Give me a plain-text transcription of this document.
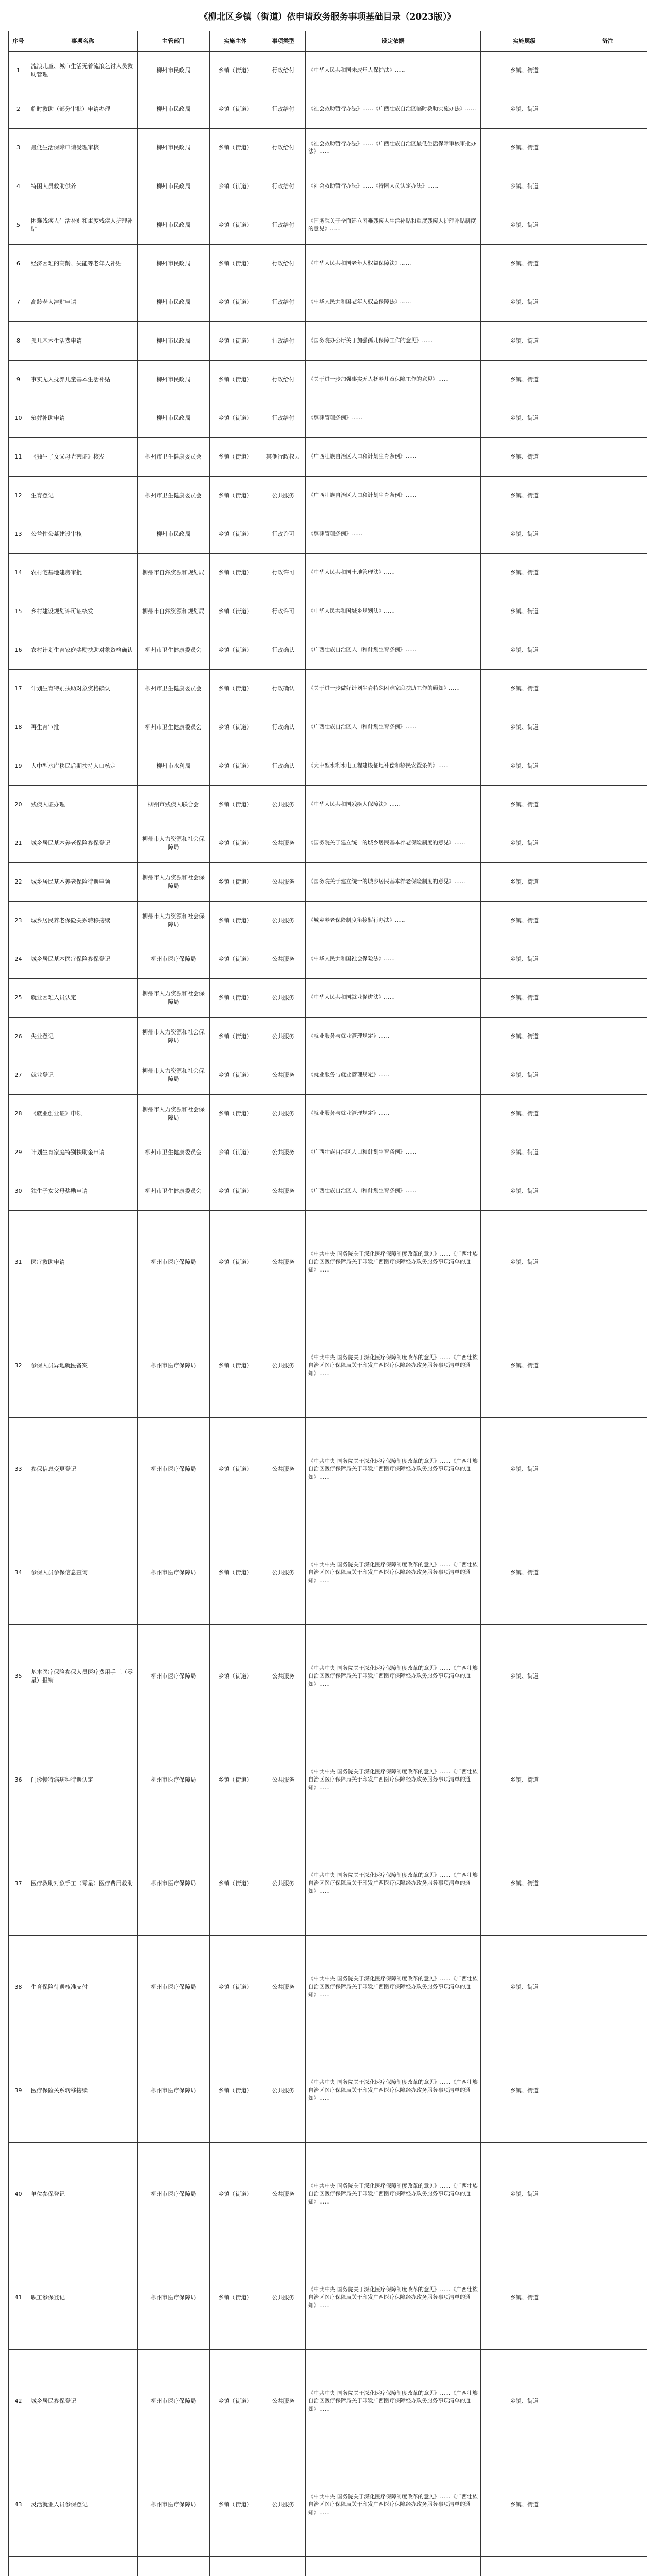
《柳北区乡镇（街道）依申请政务服务事项基础目录（2023版）》
序号	事项名称	主管部门	实施主体	事项类型	设定依据	实施层级	备注
1	流浪儿童、城市生活无着流浪乞讨人员救助管理	柳州市民政局	乡镇（街道）	行政给付	《中华人民共和国未成年人保护法》……	乡镇、街道	
2	临时救助（部分审批）申请办理	柳州市民政局	乡镇（街道）	行政给付	《社会救助暂行办法》……《广西壮族自治区临时救助实施办法》……	乡镇、街道	
3	最低生活保障申请受理审核	柳州市民政局	乡镇（街道）	行政给付	《社会救助暂行办法》……《广西壮族自治区最低生活保障审核审批办法》……	乡镇、街道	
4	特困人员救助供养	柳州市民政局	乡镇（街道）	行政给付	《社会救助暂行办法》……《特困人员认定办法》……	乡镇、街道	
5	困难残疾人生活补贴和重度残疾人护理补贴	柳州市民政局	乡镇（街道）	行政给付	《国务院关于全面建立困难残疾人生活补贴和重度残疾人护理补贴制度的意见》……	乡镇、街道	
6	经济困难的高龄、失能等老年人补贴	柳州市民政局	乡镇（街道）	行政给付	《中华人民共和国老年人权益保障法》……	乡镇、街道	
7	高龄老人津贴申请	柳州市民政局	乡镇（街道）	行政给付	《中华人民共和国老年人权益保障法》……	乡镇、街道	
8	孤儿基本生活费申请	柳州市民政局	乡镇（街道）	行政给付	《国务院办公厅关于加强孤儿保障工作的意见》……	乡镇、街道	
9	事实无人抚养儿童基本生活补贴	柳州市民政局	乡镇（街道）	行政给付	《关于进一步加强事实无人抚养儿童保障工作的意见》……	乡镇、街道	
10	殡葬补助申请	柳州市民政局	乡镇（街道）	行政给付	《殡葬管理条例》……	乡镇、街道	
11	《独生子女父母光荣证》核发	柳州市卫生健康委员会	乡镇（街道）	其他行政权力	《广西壮族自治区人口和计划生育条例》……	乡镇、街道	
12	生育登记	柳州市卫生健康委员会	乡镇（街道）	公共服务	《广西壮族自治区人口和计划生育条例》……	乡镇、街道	
13	公益性公墓建设审核	柳州市民政局	乡镇（街道）	行政许可	《殡葬管理条例》……	乡镇、街道	
14	农村宅基地建房审批	柳州市自然资源和规划局	乡镇（街道）	行政许可	《中华人民共和国土地管理法》……	乡镇、街道	
15	乡村建设规划许可证核发	柳州市自然资源和规划局	乡镇（街道）	行政许可	《中华人民共和国城乡规划法》……	乡镇、街道	
16	农村计划生育家庭奖励扶助对象资格确认	柳州市卫生健康委员会	乡镇（街道）	行政确认	《广西壮族自治区人口和计划生育条例》……	乡镇、街道	
17	计划生育特别扶助对象资格确认	柳州市卫生健康委员会	乡镇（街道）	行政确认	《关于进一步做好计划生育特殊困难家庭扶助工作的通知》……	乡镇、街道	
18	再生育审批	柳州市卫生健康委员会	乡镇（街道）	行政确认	《广西壮族自治区人口和计划生育条例》……	乡镇、街道	
19	大中型水库移民后期扶持人口核定	柳州市水利局	乡镇（街道）	行政确认	《大中型水利水电工程建设征地补偿和移民安置条例》……	乡镇、街道	
20	残疾人证办理	柳州市残疾人联合会	乡镇（街道）	公共服务	《中华人民共和国残疾人保障法》……	乡镇、街道	
21	城乡居民基本养老保险参保登记	柳州市人力资源和社会保障局	乡镇（街道）	公共服务	《国务院关于建立统一的城乡居民基本养老保险制度的意见》……	乡镇、街道	
22	城乡居民基本养老保险待遇申领	柳州市人力资源和社会保障局	乡镇（街道）	公共服务	《国务院关于建立统一的城乡居民基本养老保险制度的意见》……	乡镇、街道	
23	城乡居民养老保险关系转移接续	柳州市人力资源和社会保障局	乡镇（街道）	公共服务	《城乡养老保险制度衔接暂行办法》……	乡镇、街道	
24	城乡居民基本医疗保险参保登记	柳州市医疗保障局	乡镇（街道）	公共服务	《中华人民共和国社会保险法》……	乡镇、街道	
25	就业困难人员认定	柳州市人力资源和社会保障局	乡镇（街道）	公共服务	《中华人民共和国就业促进法》……	乡镇、街道	
26	失业登记	柳州市人力资源和社会保障局	乡镇（街道）	公共服务	《就业服务与就业管理规定》……	乡镇、街道	
27	就业登记	柳州市人力资源和社会保障局	乡镇（街道）	公共服务	《就业服务与就业管理规定》……	乡镇、街道	
28	《就业创业证》申领	柳州市人力资源和社会保障局	乡镇（街道）	公共服务	《就业服务与就业管理规定》……	乡镇、街道	
29	计划生育家庭特别扶助金申请	柳州市卫生健康委员会	乡镇（街道）	公共服务	《广西壮族自治区人口和计划生育条例》……	乡镇、街道	
30	独生子女父母奖励申请	柳州市卫生健康委员会	乡镇（街道）	公共服务	《广西壮族自治区人口和计划生育条例》……	乡镇、街道	
31	医疗救助申请	柳州市医疗保障局	乡镇（街道）	公共服务	《中共中央 国务院关于深化医疗保障制度改革的意见》……《广西壮族自治区医疗保障局关于印发广西医疗保障经办政务服务事项清单的通知》……	乡镇、街道	
32	参保人员异地就医备案	柳州市医疗保障局	乡镇（街道）	公共服务	《中共中央 国务院关于深化医疗保障制度改革的意见》……《广西壮族自治区医疗保障局关于印发广西医疗保障经办政务服务事项清单的通知》……	乡镇、街道	
33	参保信息变更登记	柳州市医疗保障局	乡镇（街道）	公共服务	《中共中央 国务院关于深化医疗保障制度改革的意见》……《广西壮族自治区医疗保障局关于印发广西医疗保障经办政务服务事项清单的通知》……	乡镇、街道	
34	参保人员参保信息查询	柳州市医疗保障局	乡镇（街道）	公共服务	《中共中央 国务院关于深化医疗保障制度改革的意见》……《广西壮族自治区医疗保障局关于印发广西医疗保障经办政务服务事项清单的通知》……	乡镇、街道	
35	基本医疗保险参保人员医疗费用手工（零星）报销	柳州市医疗保障局	乡镇（街道）	公共服务	《中共中央 国务院关于深化医疗保障制度改革的意见》……《广西壮族自治区医疗保障局关于印发广西医疗保障经办政务服务事项清单的通知》……	乡镇、街道	
36	门诊慢特病病种待遇认定	柳州市医疗保障局	乡镇（街道）	公共服务	《中共中央 国务院关于深化医疗保障制度改革的意见》……《广西壮族自治区医疗保障局关于印发广西医疗保障经办政务服务事项清单的通知》……	乡镇、街道	
37	医疗救助对象手工（零星）医疗费用救助	柳州市医疗保障局	乡镇（街道）	公共服务	《中共中央 国务院关于深化医疗保障制度改革的意见》……《广西壮族自治区医疗保障局关于印发广西医疗保障经办政务服务事项清单的通知》……	乡镇、街道	
38	生育保险待遇核准支付	柳州市医疗保障局	乡镇（街道）	公共服务	《中共中央 国务院关于深化医疗保障制度改革的意见》……《广西壮族自治区医疗保障局关于印发广西医疗保障经办政务服务事项清单的通知》……	乡镇、街道	
39	医疗保险关系转移接续	柳州市医疗保障局	乡镇（街道）	公共服务	《中共中央 国务院关于深化医疗保障制度改革的意见》……《广西壮族自治区医疗保障局关于印发广西医疗保障经办政务服务事项清单的通知》……	乡镇、街道	
40	单位参保登记	柳州市医疗保障局	乡镇（街道）	公共服务	《中共中央 国务院关于深化医疗保障制度改革的意见》……《广西壮族自治区医疗保障局关于印发广西医疗保障经办政务服务事项清单的通知》……	乡镇、街道	
41	职工参保登记	柳州市医疗保障局	乡镇（街道）	公共服务	《中共中央 国务院关于深化医疗保障制度改革的意见》……《广西壮族自治区医疗保障局关于印发广西医疗保障经办政务服务事项清单的通知》……	乡镇、街道	
42	城乡居民参保登记	柳州市医疗保障局	乡镇（街道）	公共服务	《中共中央 国务院关于深化医疗保障制度改革的意见》……《广西壮族自治区医疗保障局关于印发广西医疗保障经办政务服务事项清单的通知》……	乡镇、街道	
43	灵活就业人员参保登记	柳州市医疗保障局	乡镇（街道）	公共服务	《中共中央 国务院关于深化医疗保障制度改革的意见》……《广西壮族自治区医疗保障局关于印发广西医疗保障经办政务服务事项清单的通知》……	乡镇、街道	
